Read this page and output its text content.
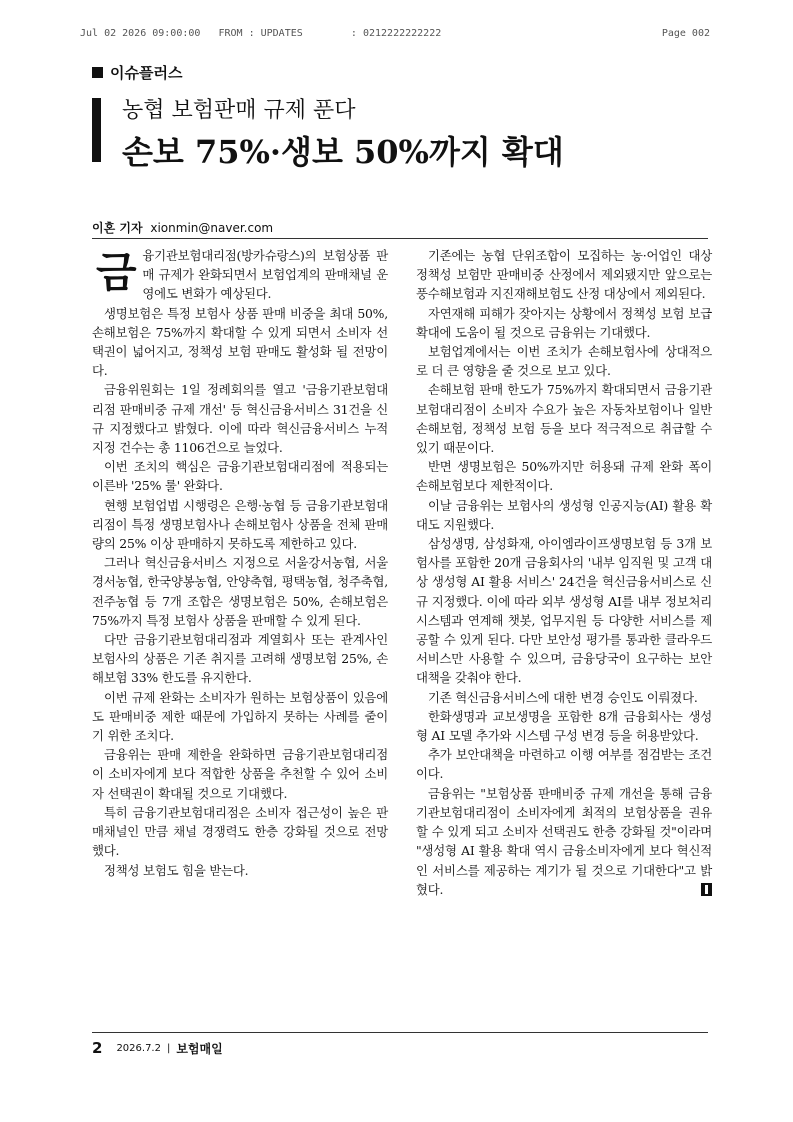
Jul 02 2026 09:00:00   FROM : UPDATES        : 0212222222222

	Page 002

이슈플러스
농협 보험판매 규제 푼다
손보 75%·생보 50%까지 확대
이혼 기자 xionmin@naver.com

금융기관보험대리점(방카슈랑스)의 보험상품 판매 규제가 완화되면서 보험업계의 판매채널 운영에도 변화가 예상된다.

생명보험은 특정 보험사 상품 판매 비중을 최대 50%, 손해보험은 75%까지 확대할 수 있게 되면서 소비자 선택권이 넓어지고, 정책성 보험 판매도 활성화 될 전망이다.

금융위원회는 1일 정례회의를 열고 '금융기관보험대리점 판매비중 규제 개선' 등 혁신금융서비스 31건을 신규 지정했다고 밝혔다. 이에 따라 혁신금융서비스 누적 지정 건수는 총 1106건으로 늘었다.

이번 조치의 핵심은 금융기관보험대리점에 적용되는 이른바 '25% 룰' 완화다.

현행 보험업법 시행령은 은행·농협 등 금융기관보험대리점이 특정 생명보험사나 손해보험사 상품을 전체 판매량의 25% 이상 판매하지 못하도록 제한하고 있다.

그러나 혁신금융서비스 지정으로 서울강서농협, 서울경서농협, 한국양봉농협, 안양축협, 평택농협, 청주축협, 전주농협 등 7개 조합은 생명보험은 50%, 손해보험은 75%까지 특정 보험사 상품을 판매할 수 있게 된다.

다만 금융기관보험대리점과 계열회사 또는 관계사인 보험사의 상품은 기존 취지를 고려해 생명보험 25%, 손해보험 33% 한도를 유지한다.

이번 규제 완화는 소비자가 원하는 보험상품이 있음에도 판매비중 제한 때문에 가입하지 못하는 사례를 줄이기 위한 조치다.

금융위는 판매 제한을 완화하면 금융기관보험대리점이 소비자에게 보다 적합한 상품을 추천할 수 있어 소비자 선택권이 확대될 것으로 기대했다.

특히 금융기관보험대리점은 소비자 접근성이 높은 판매채널인 만큼 채널 경쟁력도 한층 강화될 것으로 전망했다.

정책성 보험도 힘을 받는다.

기존에는 농협 단위조합이 모집하는 농·어업인 대상 정책성 보험만 판매비중 산정에서 제외됐지만 앞으로는 풍수해보험과 지진재해보험도 산정 대상에서 제외된다.

자연재해 피해가 잦아지는 상황에서 정책성 보험 보급 확대에 도움이 될 것으로 금융위는 기대했다.

보험업계에서는 이번 조치가 손해보험사에 상대적으로 더 큰 영향을 줄 것으로 보고 있다.

손해보험 판매 한도가 75%까지 확대되면서 금융기관보험대리점이 소비자 수요가 높은 자동차보험이나 일반손해보험, 정책성 보험 등을 보다 적극적으로 취급할 수 있기 때문이다.

반면 생명보험은 50%까지만 허용돼 규제 완화 폭이 손해보험보다 제한적이다.

이날 금융위는 보험사의 생성형 인공지능(AI) 활용 확대도 지원했다.

삼성생명, 삼성화재, 아이엠라이프생명보험 등 3개 보험사를 포함한 20개 금융회사의 '내부 임직원 및 고객 대상 생성형 AI 활용 서비스' 24건을 혁신금융서비스로 신규 지정했다. 이에 따라 외부 생성형 AI를 내부 정보처리시스템과 연계해 챗봇, 업무지원 등 다양한 서비스를 제공할 수 있게 된다. 다만 보안성 평가를 통과한 클라우드서비스만 사용할 수 있으며, 금융당국이 요구하는 보안대책을 갖춰야 한다.

기존 혁신금융서비스에 대한 변경 승인도 이뤄졌다.

한화생명과 교보생명을 포함한 8개 금융회사는 생성형 AI 모델 추가와 시스템 구성 변경 등을 허용받았다.

추가 보안대책을 마련하고 이행 여부를 점검받는 조건이다.

금융위는 "보험상품 판매비중 규제 개선을 통해 금융기관보험대리점이 소비자에게 최적의 보험상품을 권유할 수 있게 되고 소비자 선택권도 한층 강화될 것"이라며 "생성형 AI 활용 확대 역시 금융소비자에게 보다 혁신적인 서비스를 제공하는 계기가 될 것으로 기대한다"고 밝혔다.

2 2026.7.2 | 보험매일
